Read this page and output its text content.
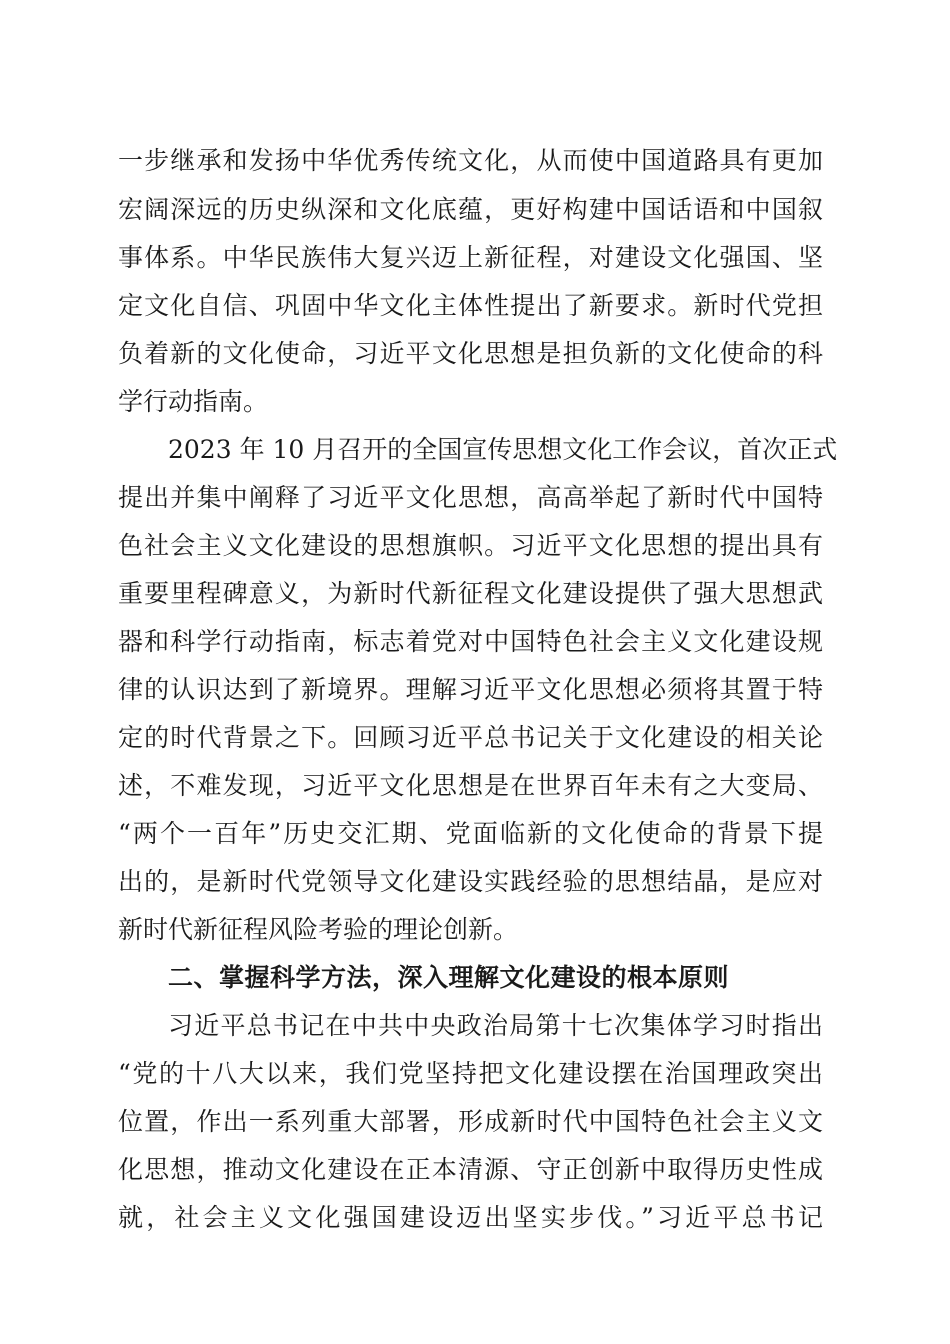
一步继承和发扬中华优秀传统文化，从而使中国道路具有更加

宏阔深远的历史纵深和文化底蕴，更好构建中国话语和中国叙

事体系。中华民族伟大复兴迈上新征程，对建设文化强国、坚

定文化自信、巩固中华文化主体性提出了新要求。新时代党担

负着新的文化使命，习近平文化思想是担负新的文化使命的科

学行动指南。

2023 年 10 月召开的全国宣传思想文化工作会议，首次正式

提出并集中阐释了习近平文化思想，高高举起了新时代中国特

色社会主义文化建设的思想旗帜。习近平文化思想的提出具有

重要里程碑意义，为新时代新征程文化建设提供了强大思想武

器和科学行动指南，标志着党对中国特色社会主义文化建设规

律的认识达到了新境界。理解习近平文化思想必须将其置于特

定的时代背景之下。回顾习近平总书记关于文化建设的相关论

述，不难发现，习近平文化思想是在世界百年未有之大变局、

“两个一百年”历史交汇期、党面临新的文化使命的背景下提

出的，是新时代党领导文化建设实践经验的思想结晶，是应对

新时代新征程风险考验的理论创新。

二、掌握科学方法，深入理解文化建设的根本原则

习近平总书记在中共中央政治局第十七次集体学习时指出

“党的十八大以来，我们党坚持把文化建设摆在治国理政突出

位置，作出一系列重大部署，形成新时代中国特色社会主义文

化思想，推动文化建设在正本清源、守正创新中取得历史性成

就，社会主义文化强国建设迈出坚实步伐。”习近平总书记
